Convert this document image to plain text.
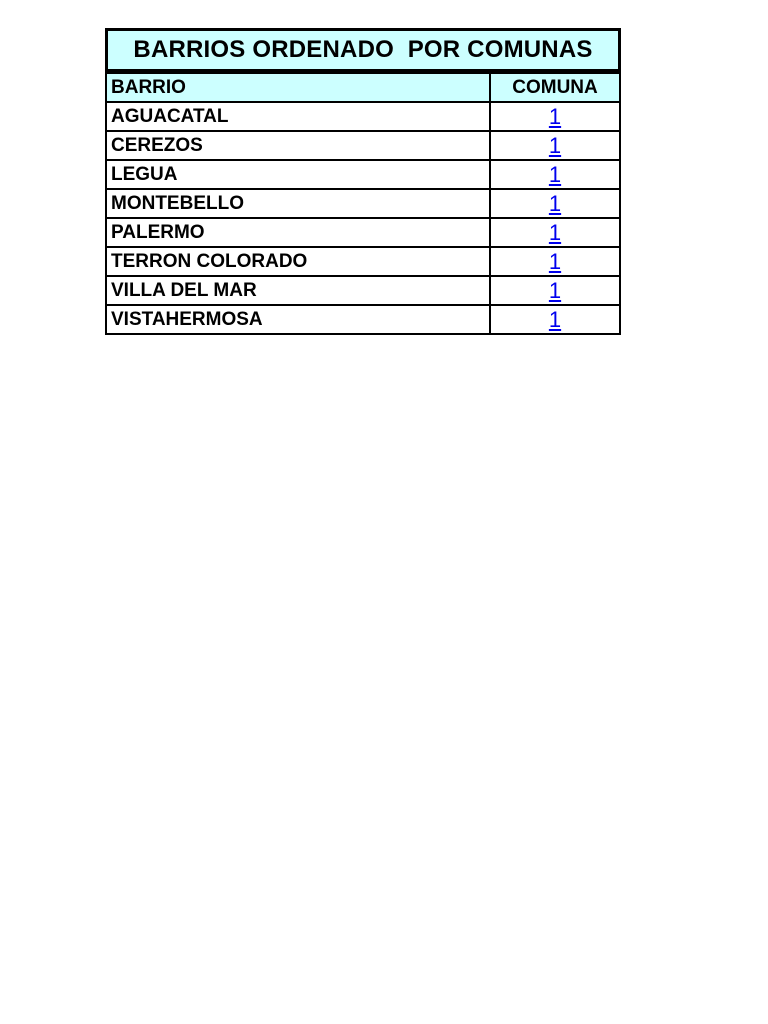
BARRIOS ORDENADO  POR COMUNAS
BARRIO	COMUNA
AGUACATAL	1
CEREZOS	1
LEGUA	1
MONTEBELLO	1
PALERMO	1
TERRON COLORADO	1
VILLA DEL MAR	1
VISTAHERMOSA	1
